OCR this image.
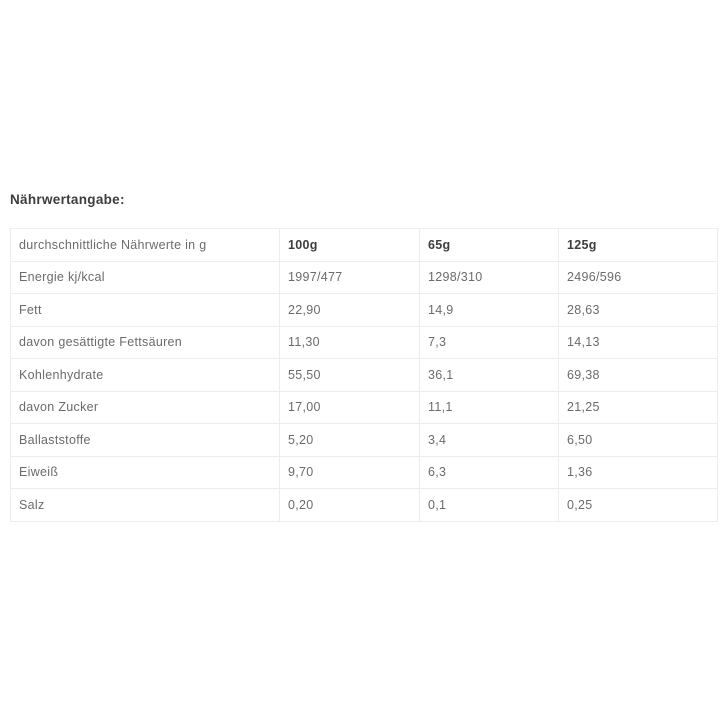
Nährwertangabe:
durchschnittliche Nährwerte in g	100g	65g	125g
Energie kj/kcal	1997/477	1298/310	2496/596
Fett	22,90	14,9	28,63
davon gesättigte Fettsäuren	11,30	7,3	14,13
Kohlenhydrate	55,50	36,1	69,38
davon Zucker	17,00	11,1	21,25
Ballaststoffe	5,20	3,4	6,50
Eiweiß	9,70	6,3	1,36
Salz	0,20	0,1	0,25
